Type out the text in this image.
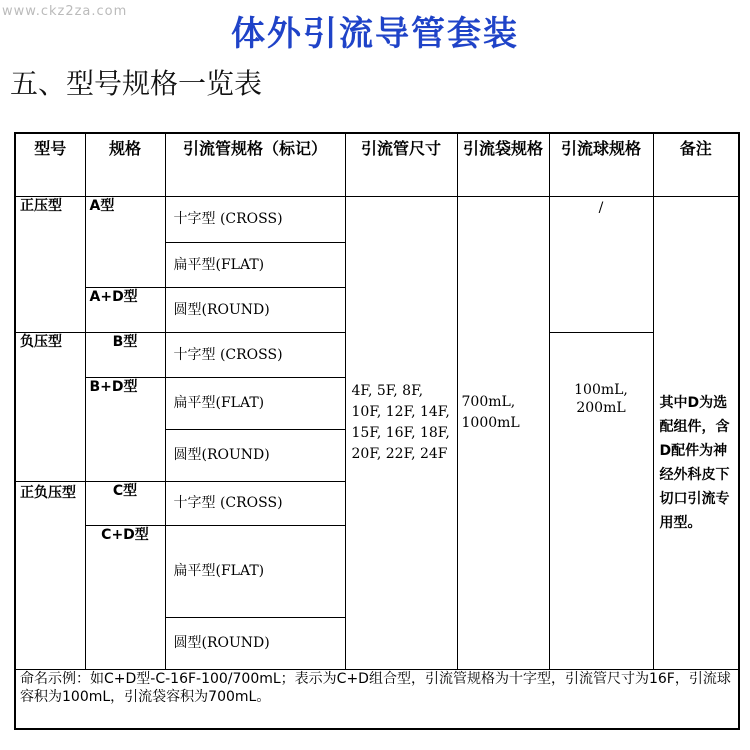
www.ckz2za.com
体外引流导管套装
五、型号规格一览表
型号	规格	引流管规格（标记）	引流管尺寸	引流袋规格	引流球规格	备注
正压型	A型	十字型 (CROSS)	4F, 5F, 8F, 10F, 12F, 14F, 15F, 16F, 18F, 20F, 22F, 24F	700mL, 1000mL	/	其中D为选配组件，含D配件为神经外科皮下切口引流专用型。

		扁平型(FLAT)				
	A+D型	圆型(ROUND)				
负压型	B型	十字型 (CROSS)			100mL, 200mL	

	B+D型	扁平型(FLAT)				
		圆型(ROUND)				
正负压型	C型	十字型 (CROSS)				
	C+D型	扁平型(FLAT)				
		圆型(ROUND)				
命名示例：如C+D型-C-16F-100/700mL；表示为C+D组合型，引流管规格为十字型，引流管尺寸为16F，引流球容积为100mL，引流袋容积为700mL。						
